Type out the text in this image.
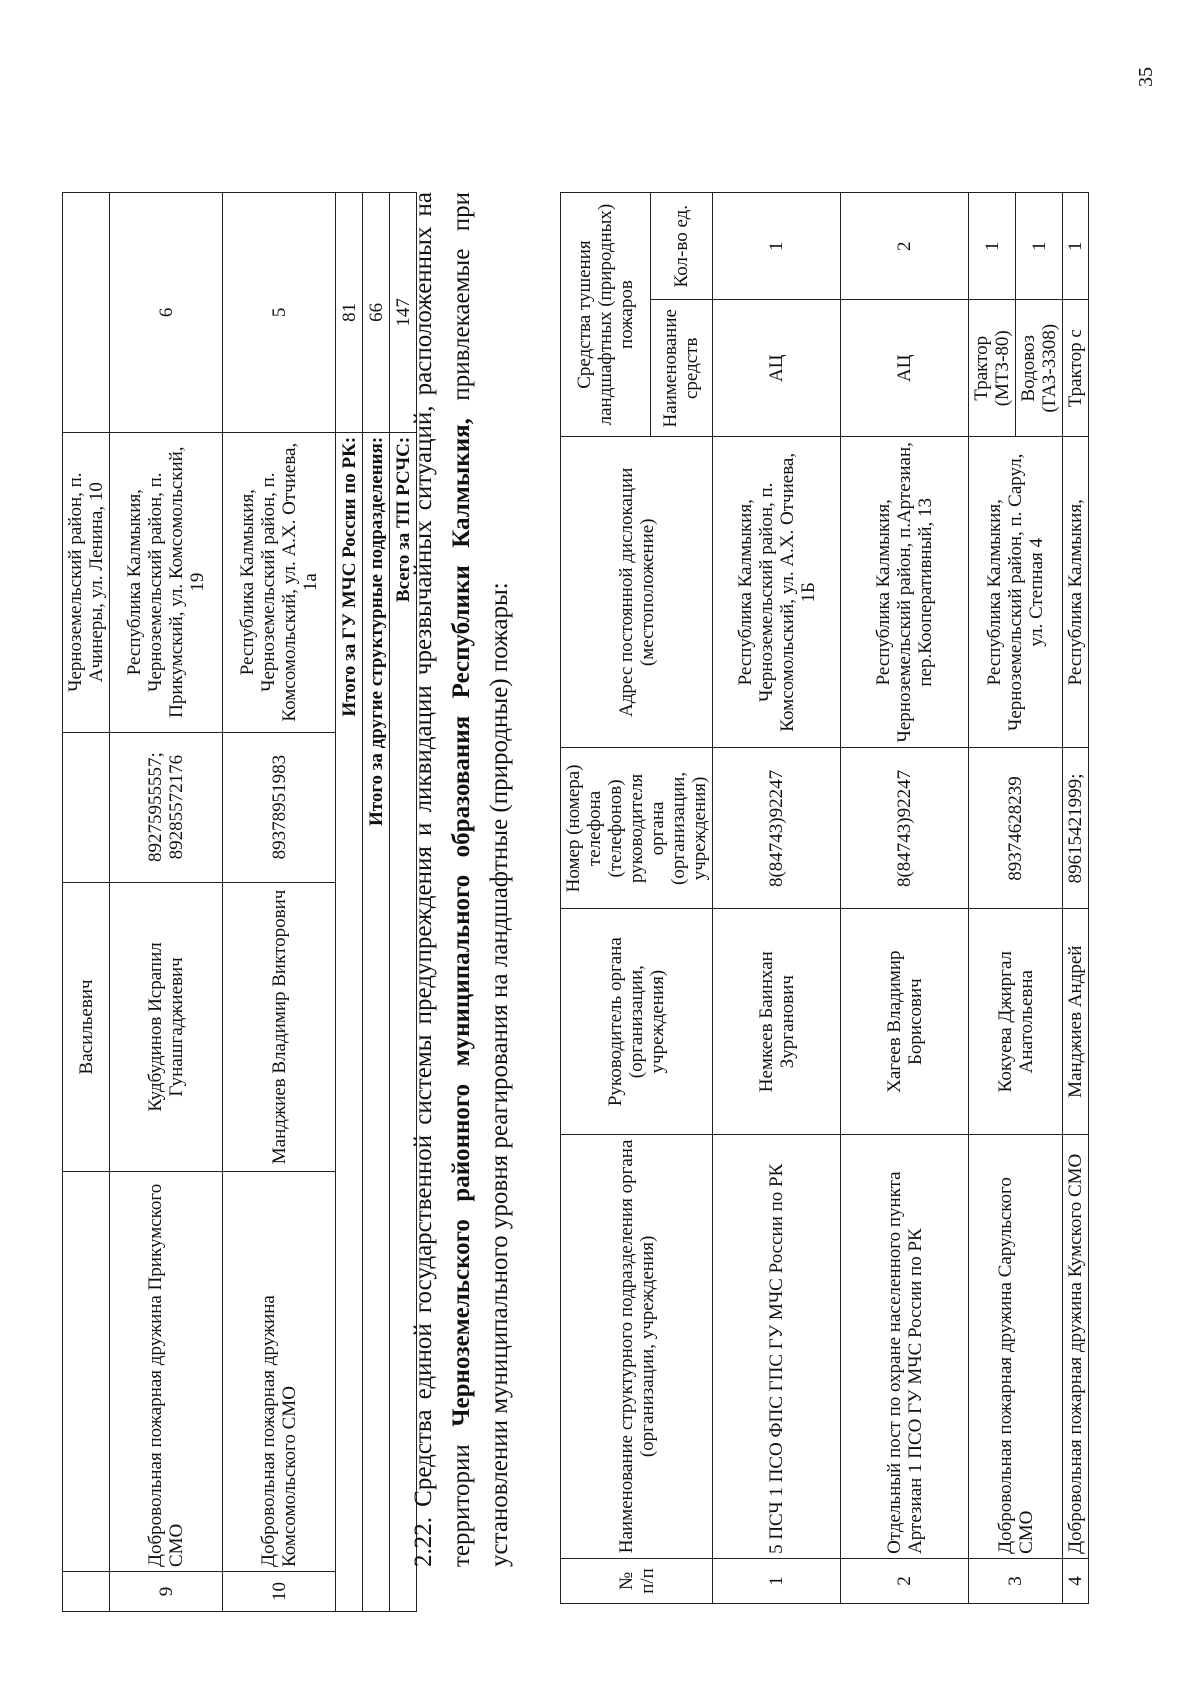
		Васильевич		Черноземельский район, п. Ачинеры, ул. Ленина, 10	
9	Добровольная пожарная дружина Прикумского СМО	Кудбудинов Исрапил Гунашгаджиевич	89275955557; 89285572176	Республика Калмыкия, Черноземельский район, п. Прикумский, ул. Комсомольский, 19	6
10	Добровольная пожарная дружина Комсомольского СМО	Манджиев Владимир Викторович	89378951983	Республика Калмыкия, Черноземельский район, п. Комсомольский, ул. А.Х. Отчиева, 1а	5
Итого за ГУ МЧС России по РК:					81
Итого за другие структурные подразделения:					66
Всего за ТП РСЧС:					147
2.22. Средства единой государственной системы предупреждения и ликвидации чрезвычайных ситуаций, расположенных на территории Черноземельского районного муниципального образования Республики Калмыкия, привлекаемые при установлении муниципального уровня реагирования на ландшафтные (природные) пожары:
№ п/п	Наименование структурного подразделения органа (организации, учреждения)	Руководитель органа (организации, учреждения)	Номер (номера) телефона (телефонов) руководителя органа (организации, учреждения)	Адрес постоянной дислокации (местоположение)	Средства тушения ландшафтных (природных) пожаров	
					Наименование средств	Кол-во ед.
1	5 ПСЧ 1 ПСО ФПС ГПС ГУ МЧС России по РК	Немкеев Баинхан Зурганович	8(84743)92247	Республика Калмыкия, Черноземельский район, п. Комсомольский, ул. А.Х. Отчиева, 1Б	АЦ	1
2	Отдельный пост по охране населенного пункта Артезиан 1 ПСО ГУ МЧС России по РК	Хагеев Владимир Борисович	8(84743)92247	Республика Калмыкия, Черноземельский район, п.Артезиан, пер.Кооперативный, 13	АЦ	2
3	Добровольная пожарная дружина Сарульского СМО	Кокуева Джиргал Анатольевна	89374628239	Республика Калмыкия, Черноземельский район, п. Сарул, ул. Степная 4	Трактор (МТЗ-80)	1
					Водовоз (ГАЗ-3308)	1
4	Добровольная пожарная дружина Кумского СМО	Манджиев Андрей	89615421999;	Республика Калмыкия,	Трактор с	1
35
